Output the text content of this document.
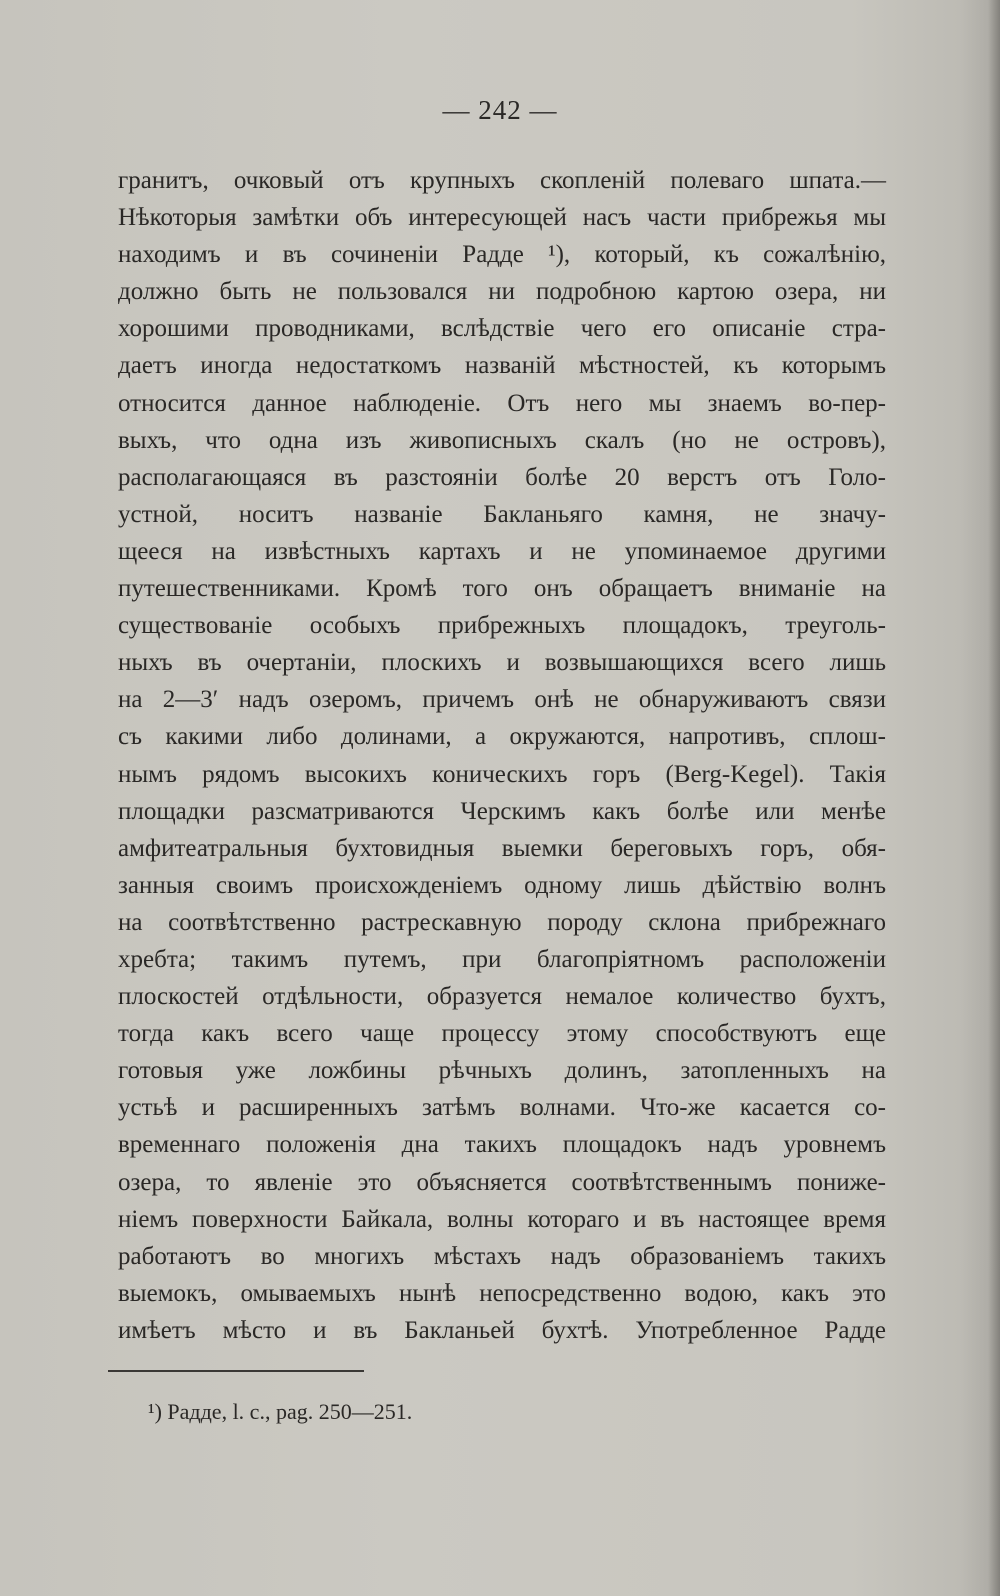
— 242 —
гранитъ, очковый отъ крупныхъ скопленій полеваго шпата.—
Нѣкоторыя замѣтки объ интересующей насъ части прибрежья мы
находимъ и въ сочиненіи Радде ¹), который, къ сожалѣнію,
должно быть не пользовался ни подробною картою озера, ни
хорошими проводниками, вслѣдствіе чего его описаніе стра-
даетъ иногда недостаткомъ названій мѣстностей, къ которымъ
относится данное наблюденіе. Отъ него мы знаемъ во-пер-
выхъ, что одна изъ живописныхъ скалъ (но не островъ),
располагающаяся въ разстояніи болѣе 20 верстъ отъ Голо-
устной, носитъ названіе Бакланьяго камня, не значу-
щееся на извѣстныхъ картахъ и не упоминаемое другими
путешественниками. Кромѣ того онъ обращаетъ вниманіе на
существованіе особыхъ прибрежныхъ площадокъ, треуголь-
ныхъ въ очертаніи, плоскихъ и возвышающихся всего лишь
на 2—3′ надъ озеромъ, причемъ онѣ не обнаруживаютъ связи
съ какими либо долинами, а окружаются, напротивъ, сплош-
нымъ рядомъ высокихъ коническихъ горъ (Berg-Kegel). Такія
площадки разсматриваются Черскимъ какъ болѣе или менѣе
амфитеатральныя бухтовидныя выемки береговыхъ горъ, обя-
занныя своимъ происхожденіемъ одному лишь дѣйствію волнъ
на соотвѣтственно растрескавную породу склона прибрежнаго
хребта; такимъ путемъ, при благопріятномъ расположеніи
плоскостей отдѣльности, образуется немалое количество бухтъ,
тогда какъ всего чаще процессу этому способствуютъ еще
готовыя уже ложбины рѣчныхъ долинъ, затопленныхъ на
устьѣ и расширенныхъ затѣмъ волнами. Что-же касается со-
временнаго положенія дна такихъ площадокъ надъ уровнемъ
озера, то явленіе это объясняется соотвѣтственнымъ пониже-
ніемъ поверхности Байкала, волны котораго и въ настоящее время
работаютъ во многихъ мѣстахъ надъ образованіемъ такихъ
выемокъ, омываемыхъ нынѣ непосредственно водою, какъ это
имѣетъ мѣсто и въ Бакланьей бухтѣ. Употребленное Радде
¹) Радде, l. c., pag. 250—251.
